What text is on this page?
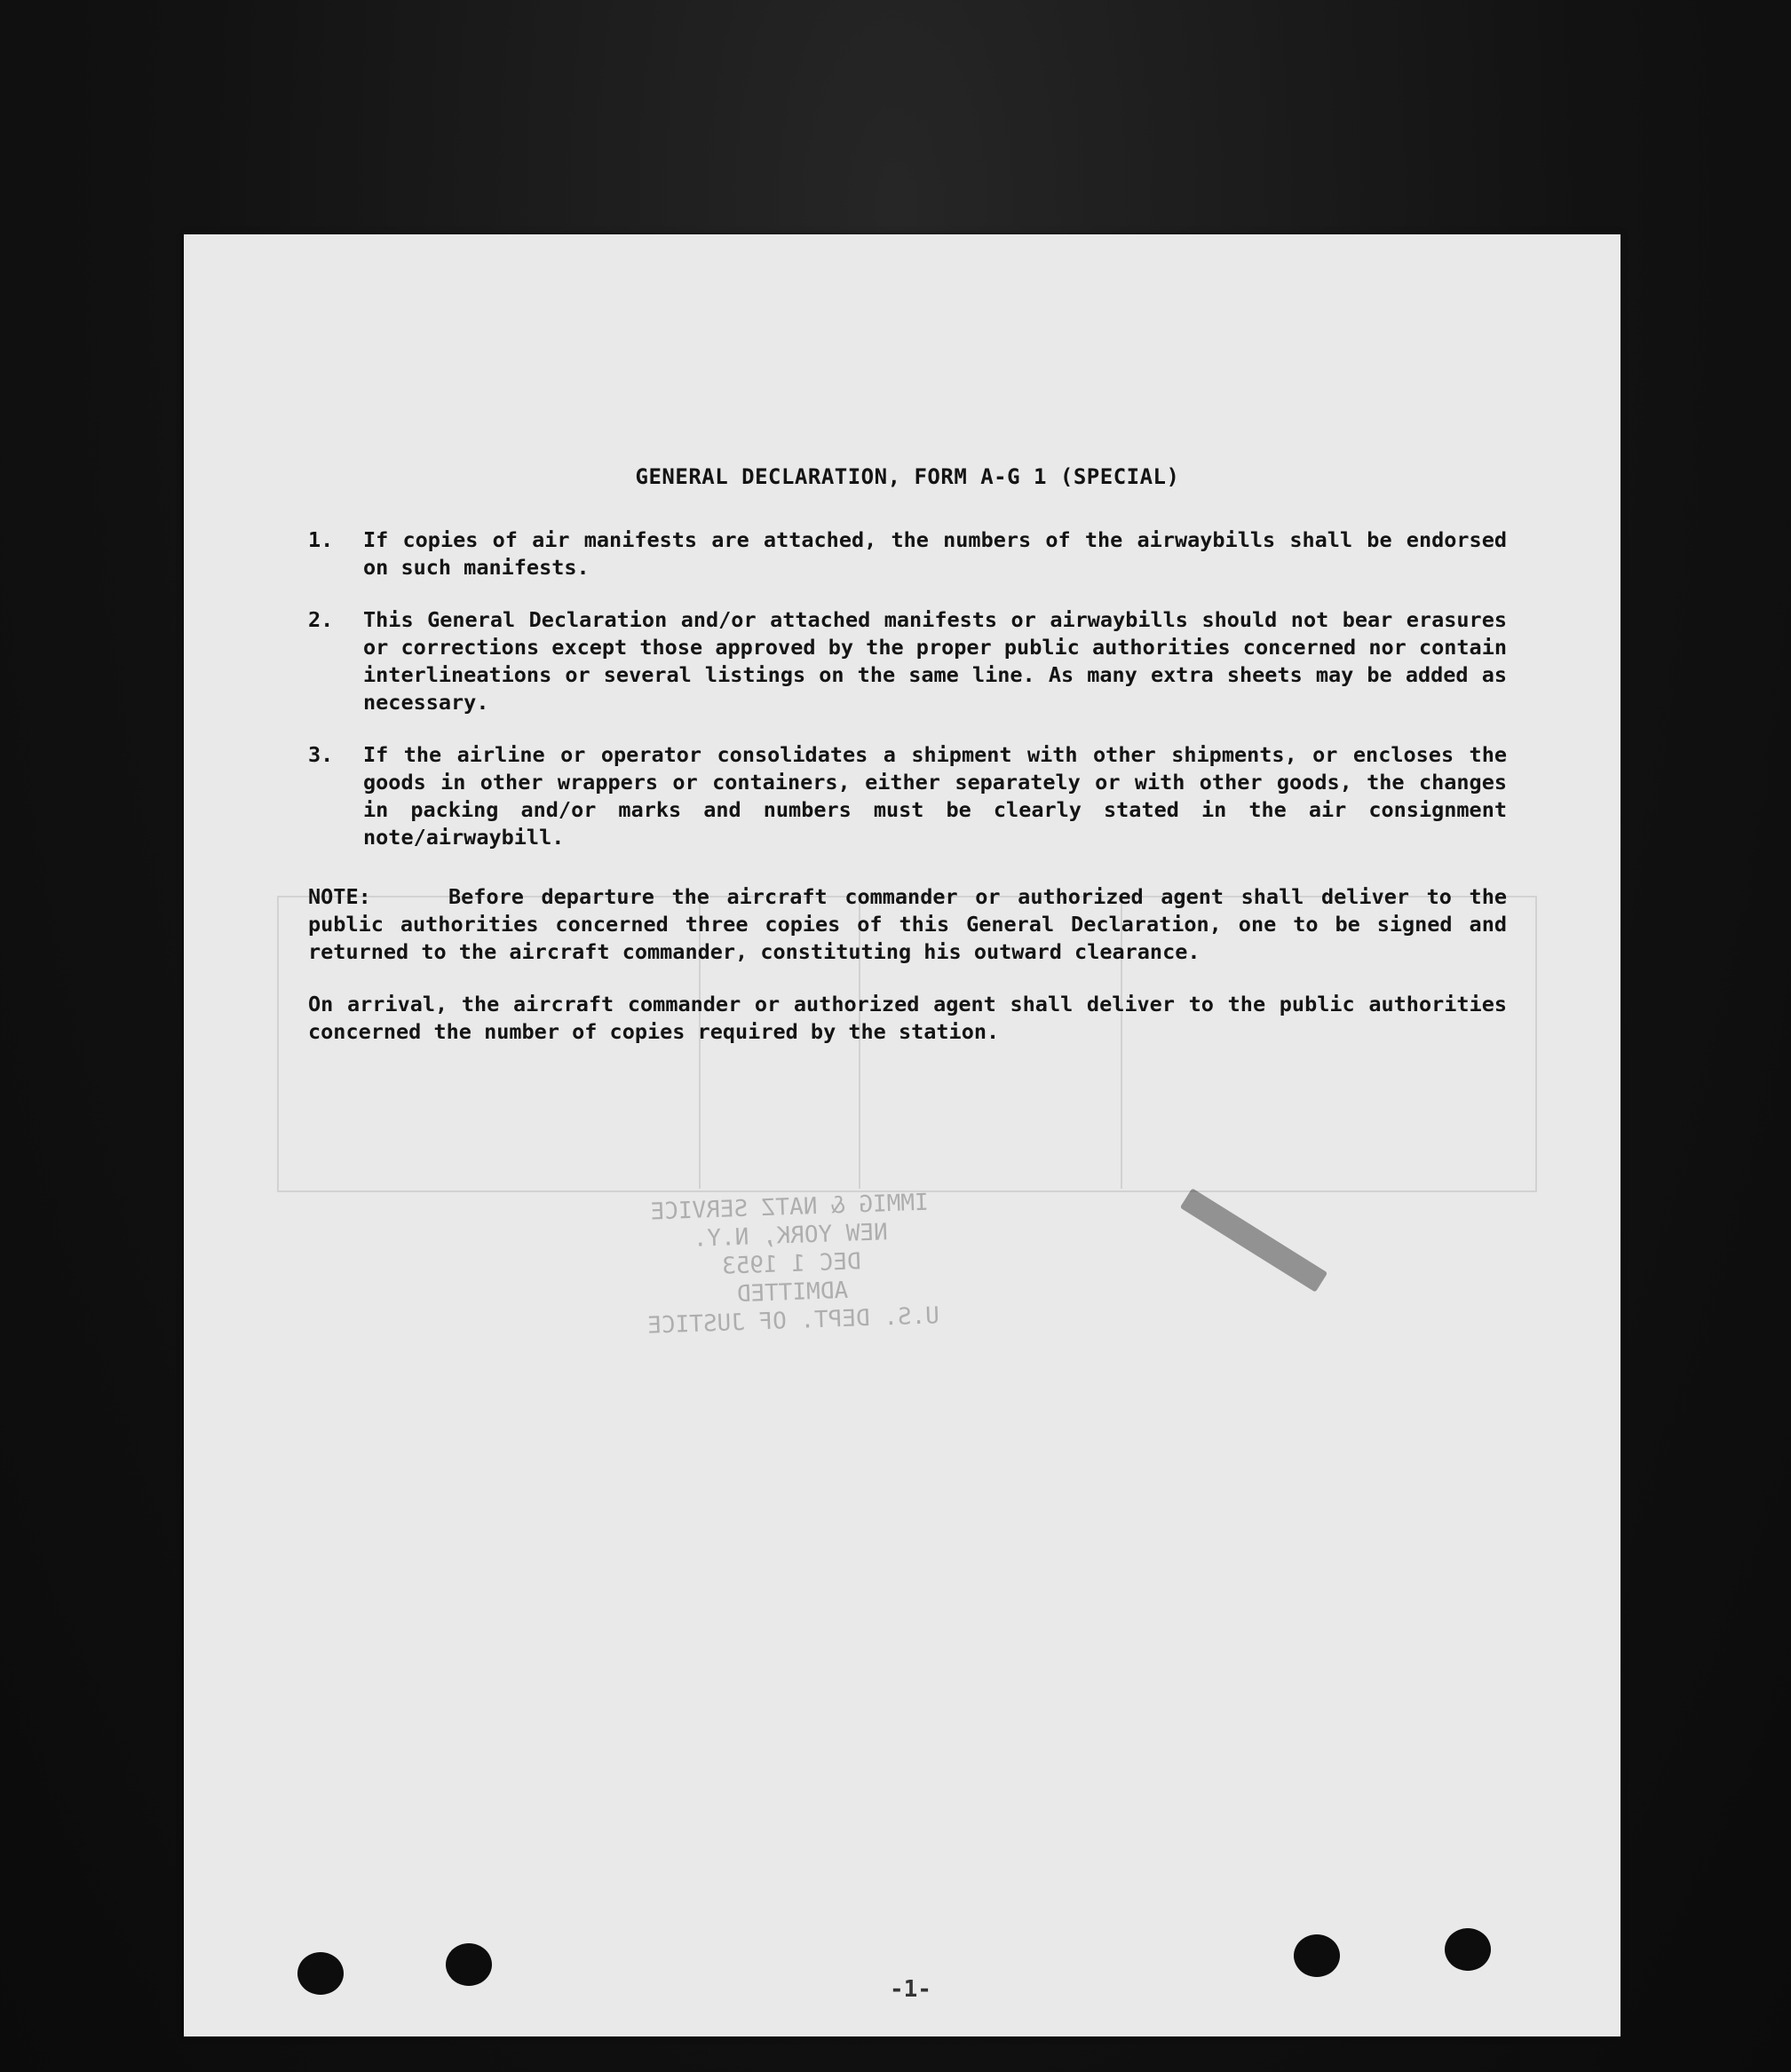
GENERAL DECLARATION, FORM A-G 1 (SPECIAL)
1.	If copies of air manifests are attached, the numbers of the airwaybills shall be endorsed on such manifests.
2.	This General Declaration and/or attached manifests or airwaybills should not bear erasures or corrections except those approved by the proper public authorities concerned nor contain interlineations or several listings on the same line. As many extra sheets may be added as necessary.
3.	If the airline or operator consolidates a shipment with other shipments, or encloses the goods in other wrappers or containers, either separately or with other goods, the changes in packing and/or marks and numbers must be clearly stated in the air consignment note/airwaybill.
NOTE:	Before departure the aircraft commander or authorized agent shall deliver to the public authorities concerned three copies of this General Declaration, one to be signed and returned to the aircraft commander, constituting his outward clearance.
On arrival, the aircraft commander or authorized agent shall deliver to the public authorities concerned the number of copies required by the station.
IMMIG & NATZ SERVICE
NEW YORK, N.Y.
DEC 1 1953
ADMITTED
U.S. DEPT. OF JUSTICE
-1-
